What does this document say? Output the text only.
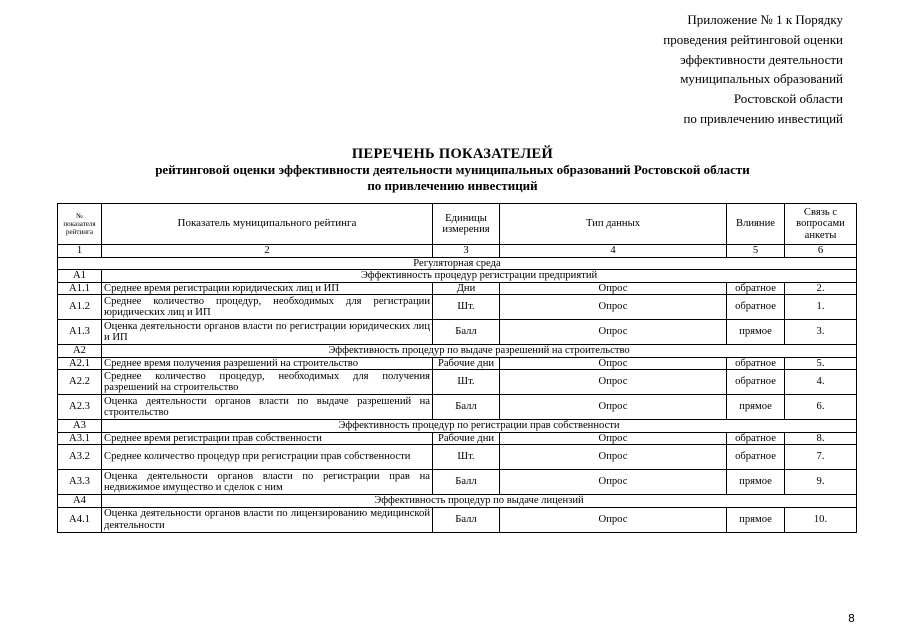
Приложение № 1 к Порядку
проведения рейтинговой оценки
эффективности деятельности
муниципальных образований
Ростовской области
по привлечению инвестиций
ПЕРЕЧЕНЬ ПОКАЗАТЕЛЕЙ
рейтинговой оценки эффективности деятельности муниципальных образований Ростовской области
по привлечению инвестиций
№ показателя рейтинга	Показатель муниципального рейтинга	Единицы измерения	Тип данных	Влияние	Связь с вопросами анкеты
1	2	3	4	5	6
Регуляторная среда					
А1	Эффективность процедур регистрации предприятий				
А1.1	Среднее время регистрации юридических лиц и ИП	Дни	Опрос	обратное	2.
А1.2	Среднее количество процедур, необходимых для регистрации юридических лиц и ИП	Шт.	Опрос	обратное	1.
А1.3	Оценка деятельности органов власти по регистрации юридических лиц и ИП	Балл	Опрос	прямое	3.
А2	Эффективность процедур по выдаче разрешений на строительство				
А2.1	Среднее время получения разрешений на строительство	Рабочие дни	Опрос	обратное	5.
А2.2	Среднее количество процедур, необходимых для получения разрешений на строительство	Шт.	Опрос	обратное	4.
А2.3	Оценка деятельности органов власти по выдаче разрешений на строительство	Балл	Опрос	прямое	6.
А3	Эффективность процедур по регистрации прав собственности				
А3.1	Среднее время регистрации прав собственности	Рабочие дни	Опрос	обратное	8.
А3.2	Среднее количество процедур при регистрации прав собственности	Шт.	Опрос	обратное	7.
А3.3	Оценка деятельности органов власти по регистрации прав на недвижимое имущество и сделок с ним	Балл	Опрос	прямое	9.
А4	Эффективность процедур по выдаче лицензий				
А4.1	Оценка деятельности органов власти по лицензированию медицинской деятельности	Балл	Опрос	прямое	10.
8
